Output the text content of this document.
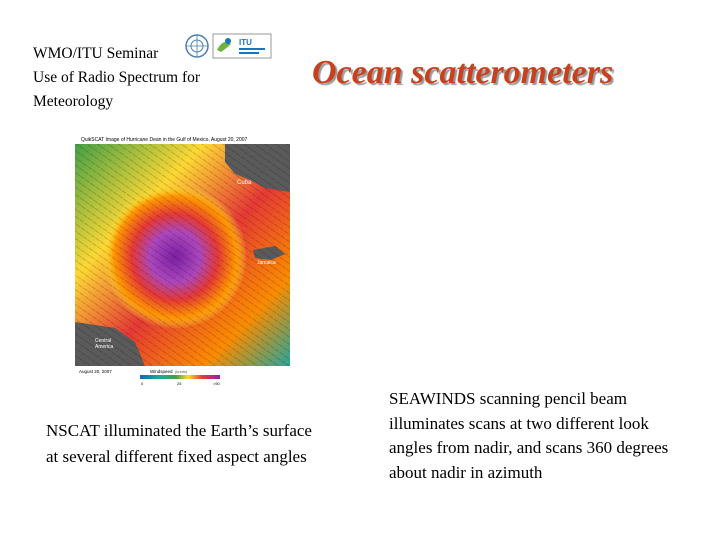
WMO/ITU Seminar
Use of Radio Spectrum for
Meteorology
ITU
Ocean scatterometers
QuikSCAT Image of Hurricane Dean in the Gulf of Mexico, August 20, 2007
Cuba
Jamaica
Central
America
August 20, 2007	Windspeed (knots)
0	25	>50
NSCAT illuminated the Earth’s surface at several different fixed aspect angles
SEAWINDS scanning pencil beam illuminates scans at two different look angles from nadir, and scans 360 degrees about nadir in azimuth
